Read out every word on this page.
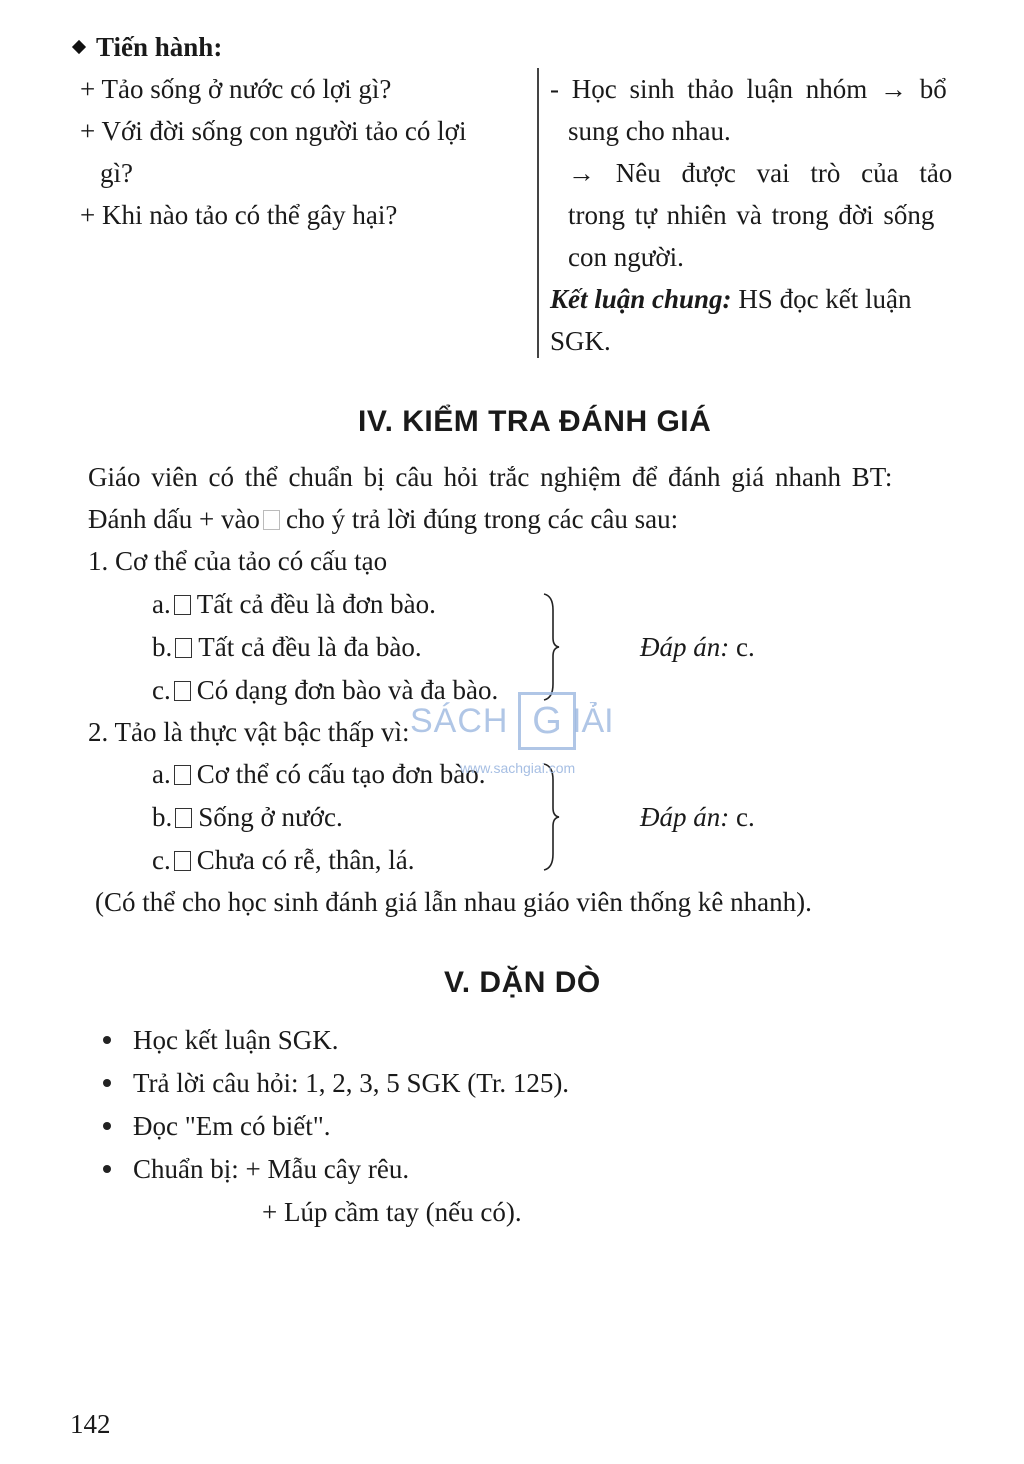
Tiến hành:
+ Tảo sống ở nước có lợi gì?
+ Với đời sống con người tảo có lợi
gì?
+ Khi nào tảo có thể gây hại?
- Học sinh thảo luận nhóm → bổ
sung cho nhau.
→ Nêu được vai trò của tảo
trong tự nhiên và trong đời sống
con người.
Kết luận chung: HS đọc kết luận
SGK.
IV. KIỂM TRA ĐÁNH GIÁ
Giáo viên có thể chuẩn bị câu hỏi trắc nghiệm để đánh giá nhanh BT:
Đánh dấu + vào cho ý trả lời đúng trong các câu sau:
1. Cơ thể của tảo có cấu tạo
a. Tất cả đều là đơn bào.
b. Tất cả đều là đa bào.
c. Có dạng đơn bào và đa bào.
Đáp án: c.
2. Tảo là thực vật bậc thấp vì:
a. Cơ thể có cấu tạo đơn bào.
b. Sống ở nước.
c. Chưa có rễ, thân, lá.
Đáp án: c.
(Có thể cho học sinh đánh giá lẫn nhau giáo viên thống kê nhanh).
V. DẶN DÒ
Học kết luận SGK.
Trả lời câu hỏi: 1, 2, 3, 5 SGK (Tr. 125).
Đọc "Em có biết".
Chuẩn bị: + Mẫu cây rêu.
+ Lúp cầm tay (nếu có).
SÁCH G IẢI
www.sachgiai.com
142
